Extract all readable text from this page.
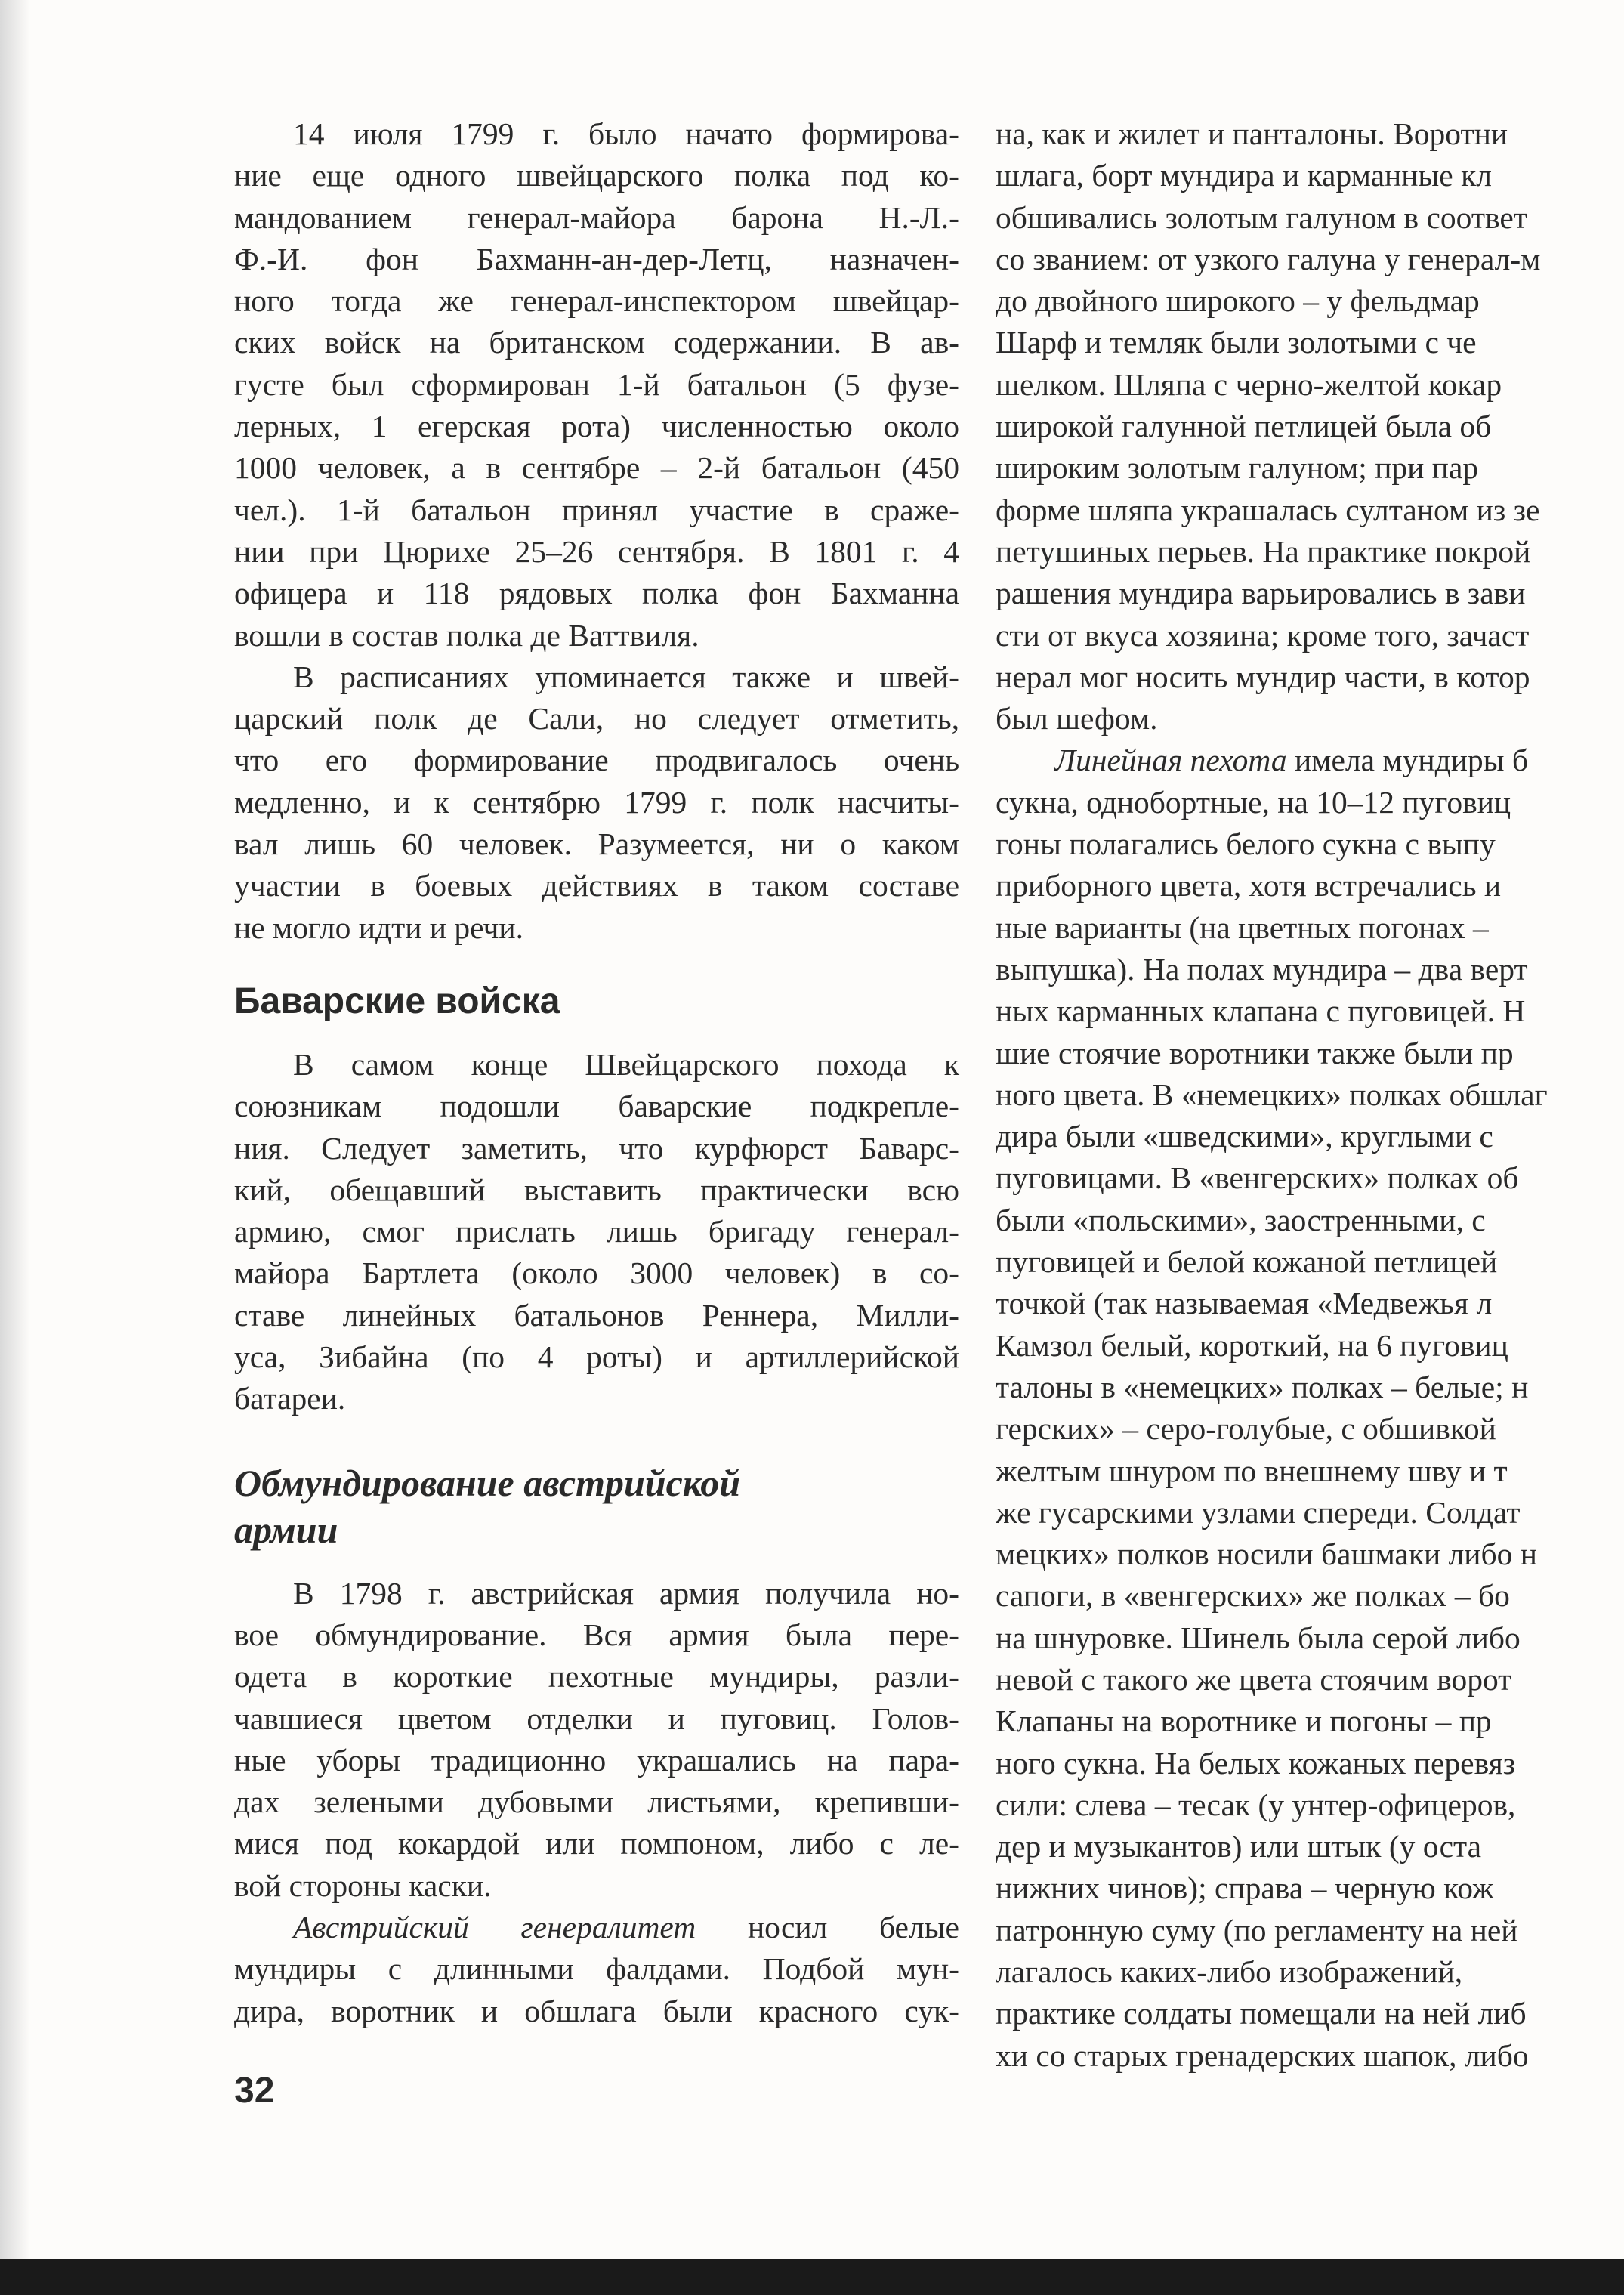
14 июля 1799 г. было начато формирова-
ние еще одного швейцарского полка под ко-
мандованием генерал-майора барона Н.-Л.-
Ф.-И. фон Бахманн-ан-дер-Летц, назначен-
ного тогда же генерал-инспектором швейцар-
ских войск на британском содержании. В ав-
густе был сформирован 1-й батальон (5 фузе-
лерных, 1 егерская рота) численностью около
1000 человек, а в сентябре – 2-й батальон (450
чел.). 1-й батальон принял участие в сраже-
нии при Цюрихе 25–26 сентября. В 1801 г. 4
офицера и 118 рядовых полка фон Бахманна
вошли в состав полка де Ваттвиля.
В расписаниях упоминается также и швей-
царский полк де Сали, но следует отметить,
что его формирование продвигалось очень
медленно, и к сентябрю 1799 г. полк насчиты-
вал лишь 60 человек. Разумеется, ни о каком
участии в боевых действиях в таком составе
не могло идти и речи.
Баварские войска
В самом конце Швейцарского похода к
союзникам подошли баварские подкрепле-
ния. Следует заметить, что курфюрст Баварс-
кий, обещавший выставить практически всю
армию, смог прислать лишь бригаду генерал-
майора Бартлета (около 3000 человек) в со-
ставе линейных батальонов Реннера, Милли-
уса, Зибайна (по 4 роты) и артиллерийской
батареи.
Обмундирование австрийской
армии
В 1798 г. австрийская армия получила но-
вое обмундирование. Вся армия была пере-
одета в короткие пехотные мундиры, разли-
чавшиеся цветом отделки и пуговиц. Голов-
ные уборы традиционно украшались на пара-
дах зелеными дубовыми листьями, крепивши-
мися под кокардой или помпоном, либо с ле-
вой стороны каски.
Австрийский генералитет носил белые
мундиры с длинными фалдами. Подбой мун-
дира, воротник и обшлага были красного сук-
на, как и жилет и панталоны. Воротни
шлага, борт мундира и карманные кл
обшивались золотым галуном в соответ
со званием: от узкого галуна у генерал-м
до двойного широкого – у фельдмар
Шарф и темляк были золотыми с че
шелком. Шляпа с черно-желтой кокар
широкой галунной петлицей была об
широким золотым галуном; при пар
форме шляпа украшалась султаном из зе
петушиных перьев. На практике покрой
рашения мундира варьировались в зави
сти от вкуса хозяина; кроме того, зачаст
нерал мог носить мундир части, в котор
был шефом.
Линейная пехота имела мундиры б
сукна, однобортные, на 10–12 пуговиц
гоны полагались белого сукна с выпу
приборного цвета, хотя встречались и
ные варианты (на цветных погонах –
выпушка). На полах мундира – два верт
ных карманных клапана с пуговицей. Н
шие стоячие воротники также были пр
ного цвета. В «немецких» полках обшлаг
дира были «шведскими», круглыми с
пуговицами. В «венгерских» полках об
были «польскими», заостренными, с
пуговицей и белой кожаной петлицей
точкой (так называемая «Медвежья л
Камзол белый, короткий, на 6 пуговиц
талоны в «немецких» полках – белые; н
герских» – серо-голубые, с обшивкой
желтым шнуром по внешнему шву и т
же гусарскими узлами спереди. Солдат
мецких» полков носили башмаки либо н
сапоги, в «венгерских» же полках – бо
на шнуровке. Шинель была серой либо
невой с такого же цвета стоячим ворот
Клапаны на воротнике и погоны – пр
ного сукна. На белых кожаных перевяз
сили: слева – тесак (у унтер-офицеров,
дер и музыкантов) или штык (у оста
нижних чинов); справа – черную кож
патронную суму (по регламенту на ней
лагалось каких-либо изображений,
практике солдаты помещали на ней либ
хи со старых гренадерских шапок, либо
32
